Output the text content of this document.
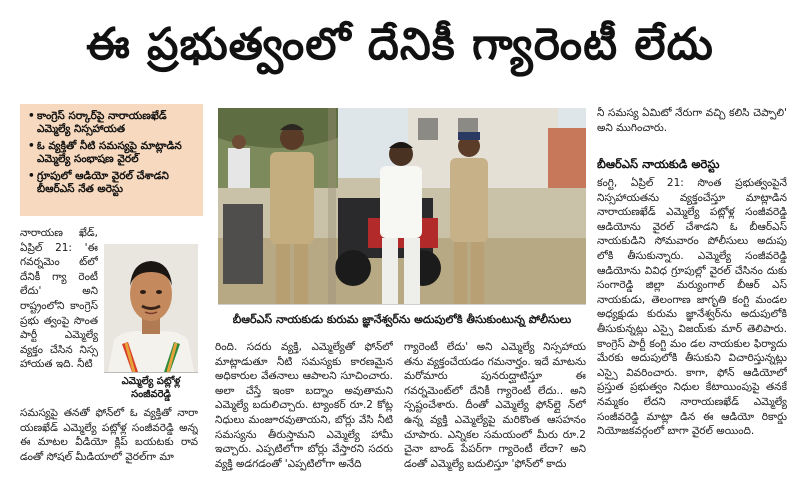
ఈ ప్రభుత్వంలో దేనికీ గ్యారెంటీ లేదు
• కాంగ్రెస్ సర్కార్‌పై నారాయణఖేడ్ ఎమ్మెల్యే నిస్సహాయత
• ఓ వ్యక్తితో నీటి సమస్యపై మాట్లాడిన ఎమ్మెల్యే సంభాషణ వైరల్
• గ్రూపులో ఆడియో వైరల్ చేశాడని బీఆర్ఎస్ నేత అరెస్టు

నారాయణ ఖేడ్, ఏప్రిల్ 21: 'ఈ గవర్నమెం ట్‌లో దేనికీ గ్యా రెంటీ లేదు' అని రాష్ట్రంలోని కాంగ్రెస్ ప్రభు త్వంపై సొంత పార్టీ ఎమ్మెల్యే వ్యక్తం చేసిన నిస్స హాయత ఇది. నీటి

ఎమ్మెల్యే పట్లోళ్ల
సంజీవరెడ్డి

సమస్యపై తనతో ఫోన్‌లో ఓ వ్యక్తితో నారా యణఖేడ్ ఎమ్మెల్యే పట్లోళ్ల సంజీవరెడ్డి అన్న ఈ మాటల వీడియో క్లిప్ బయటకు రావ డంతో సోషల్ మీడియాలో వైరల్‌గా మా

బీఆర్ఎస్ నాయకుడు కురుమ జ్ఞానేశ్వర్‌ను అదుపులోకి తీసుకుంటున్న పోలీసులు

రింది. సదరు వ్యక్తి, ఎమ్మెల్యేతో ఫోన్‌లో మాట్లాడుతూ నీటి సమస్యకు కారణమైన అధికారుల వేతనాలు ఆపాలని సూచించారు. అలా చేస్తే ఇంకా బద్నాం అవుతామని ఎమ్మెల్యే బదులిచ్చారు. ట్యాంకర్ రూ.2 కోట్ల నిధులు మంజూరవుతాయని, బోర్లు వేసి నీటి సమస్యను తీరుస్తామని ఎమ్మెల్యే హామీ ఇచ్చారు. ఎప్పటిలోగా బోర్లు వేస్తారని సదరు వ్యక్తి అడగడంతో 'ఎప్పటిలోగా అనేది

గ్యారెంటీ లేదు' అని ఎమ్మెల్యే నిస్సహాయ తను వ్యక్తంచేయడం గమనార్హం. ఇదే మాటను మరోమారు పునరుద్ఘాటిస్తూ ఈ గవర్నమెంట్‌లో దేనికీ గ్యారెంటీ లేదు.. అని స్పష్టంచేశారు. దీంతో ఎమ్మెల్యే ఫోన్‌ల్లై న్‌లో ఉన్న వ్యక్తి ఎమ్మెల్యేపై మరికొంత ఆసహనం చూపారు. ఎన్నికల సమయంలో మీరు రూ.2 చైనా బాండ్ పేపర్‌గా గ్యారెంటీ లేదా? అని డంతో ఎమ్మెల్యే బదులిస్తూ 'ఫోన్‌లో కాదు

నీ సమస్య ఏమిటో నేరుగా వచ్చి కలిసి చెప్పాలి' అని ముగించారు.

బీఆర్ఎస్ నాయకుడి అరెస్టు

కంగ్టి, ఏప్రిల్ 21: సొంత ప్రభుత్వంపైనే నిస్సహాయతను వ్యక్తంచేస్తూ మాట్లాడిన నారాయణఖేడ్ ఎమ్మెల్యే పట్లోళ్ల సంజీవరెడ్డి ఆడియోను వైరల్ చేశాడని ఓ బీఆర్ఎస్ నాయకుడిని సోమవారం పోలీసులు అదుపు లోకి తీసుకున్నారు. ఎమ్మెల్యే సంజీవరెడ్డి ఆడియోను వివిధ గ్రూపుల్లో వైరల్ చేసినం దుకు సంగారెడ్డి జిల్లా మర్యుంగాల్ బీఆర్ ఎస్ నాయకుడు, తెలంగాణ జాగృతి కంగ్టి మండల అధ్యక్షుడు కురుమ జ్ఞానేశ్వర్‌ను అదుపులోకి తీసుకున్నట్లు ఎస్సై విజయ్‌కు మార్ తెలిపారు. కాంగ్రెస్ పార్టీ కంగ్టి మం డల నాయకుల ఫిర్యాదు మేరకు అదుపులోకి తీసుకుని విచారిస్తున్నట్లు ఎస్సై వివరించారు. కాగా, ఫోన్ ఆడియోలో ప్రస్తుత ప్రభుత్వం నిధుల కేటాయింపుపై తనకే నమ్మకం లేదని నారాయణఖేడ్ ఎమ్మెల్యే సంజీవరెడ్డి మాట్లా డిన ఈ ఆడియో రికార్డు నియోజకవర్గంలో బాగా వైరల్ అయింది.
